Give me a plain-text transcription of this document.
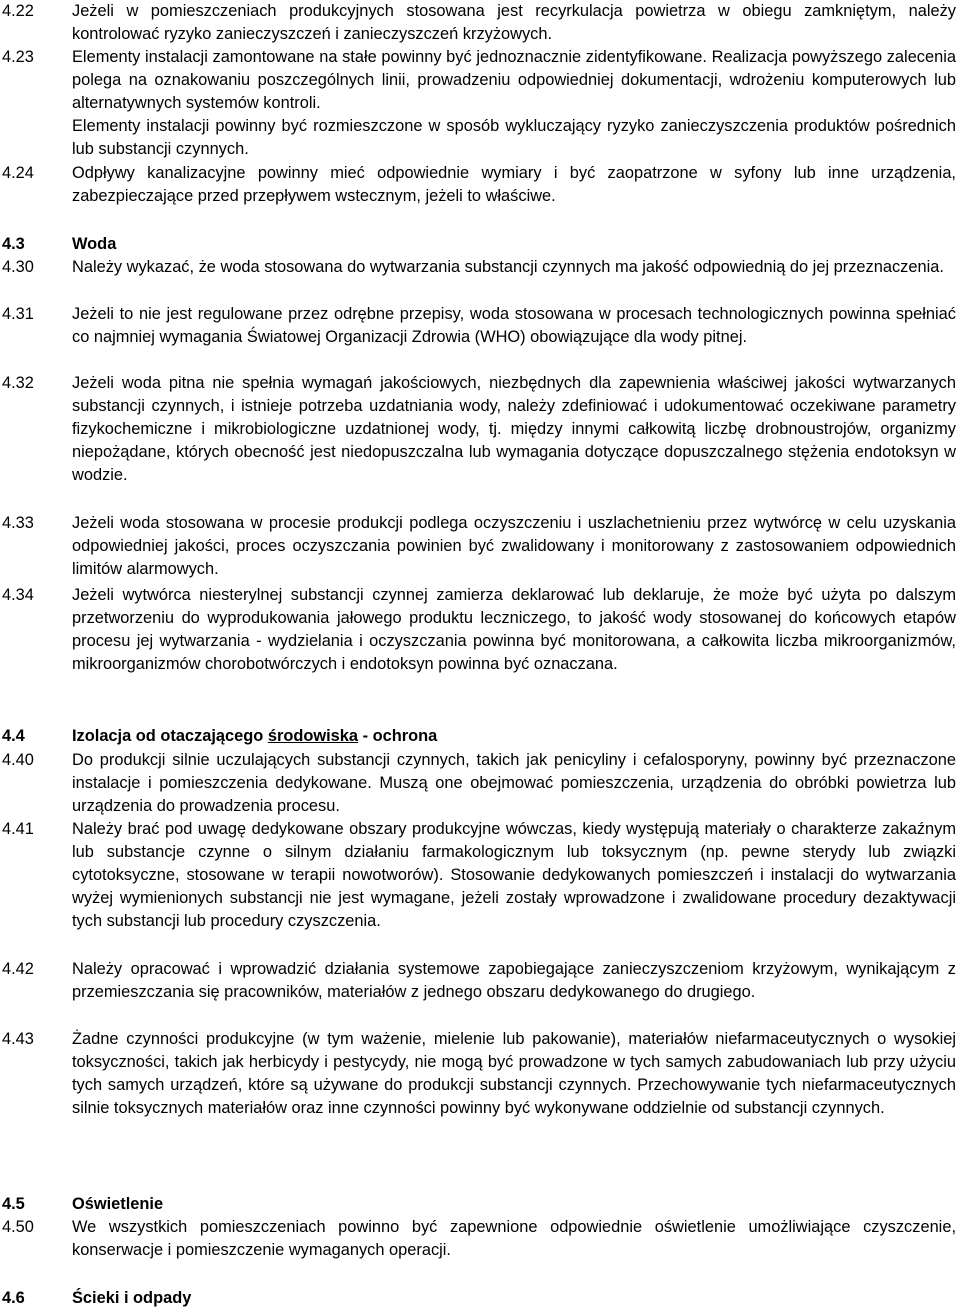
4.22	Jeżeli w pomieszczeniach produkcyjnych stosowana jest recyrkulacja powietrza w obiegu zamkniętym, należy kontrolować ryzyko zanieczyszczeń i zanieczyszczeń krzyżowych.

4.23	Elementy instalacji zamontowane na stałe powinny być jednoznacznie zidentyfikowane. Realizacja powyższego zalecenia polega na oznakowaniu poszczególnych linii, prowadzeniu odpowiedniej dokumentacji, wdrożeniu komputerowych lub alternatywnych systemów kontroli.

Elementy instalacji powinny być rozmieszczone w sposób wykluczający ryzyko zanieczyszczenia produktów pośrednich lub substancji czynnych.

4.24	Odpływy kanalizacyjne powinny mieć odpowiednie wymiary i być zaopatrzone w syfony lub inne urządzenia, zabezpieczające przed przepływem wstecznym, jeżeli to właściwe.

4.3	Woda
4.30	Należy wykazać, że woda stosowana do wytwarzania substancji czynnych ma jakość odpowiednią do jej przeznaczenia.

4.31	Jeżeli to nie jest regulowane przez odrębne przepisy, woda stosowana w procesach technologicznych powinna spełniać co najmniej wymagania Światowej Organizacji Zdrowia (WHO) obowiązujące dla wody pitnej.

4.32	Jeżeli woda pitna nie spełnia wymagań jakościowych, niezbędnych dla zapewnienia właściwej jakości wytwarzanych substancji czynnych, i istnieje potrzeba uzdatniania wody, należy zdefiniować i udokumentować oczekiwane parametry fizykochemiczne i mikrobiologiczne uzdatnionej wody, tj. między innymi całkowitą liczbę drobnoustrojów, organizmy niepożądane, których obecność jest niedopuszczalna lub wymagania dotyczące dopuszczalnego stężenia endotoksyn w wodzie.

4.33	Jeżeli woda stosowana w procesie produkcji podlega oczyszczeniu i uszlachetnieniu przez wytwórcę w celu uzyskania odpowiedniej jakości, proces oczyszczania powinien być zwalidowany i monitorowany z zastosowaniem odpowiednich limitów alarmowych.

4.34	Jeżeli wytwórca niesterylnej substancji czynnej zamierza deklarować lub deklaruje, że może być użyta po dalszym przetworzeniu do wyprodukowania jałowego produktu leczniczego, to jakość wody stosowanej do końcowych etapów procesu jej wytwarzania - wydzielania i oczyszczania powinna być monitorowana, a całkowita liczba mikroorganizmów, mikroorganizmów chorobotwórczych i endotoksyn powinna być oznaczana.

4.4	Izolacja od otaczającego środowiska - ochrona
4.40	Do produkcji silnie uczulających substancji czynnych, takich jak penicyliny i cefalosporyny, powinny być przeznaczone instalacje i pomieszczenia dedykowane. Muszą one obejmować pomieszczenia, urządzenia do obróbki powietrza lub urządzenia do prowadzenia procesu.

4.41	Należy brać pod uwagę dedykowane obszary produkcyjne wówczas, kiedy występują materiały o charakterze zakaźnym lub substancje czynne o silnym działaniu farmakologicznym lub toksycznym (np. pewne sterydy lub związki cytotoksyczne, stosowane w terapii nowotworów). Stosowanie dedykowanych pomieszczeń i instalacji do wytwarzania wyżej wymienionych substancji nie jest wymagane, jeżeli zostały wprowadzone i zwalidowane procedury dezaktywacji tych substancji lub procedury czyszczenia.

4.42	Należy opracować i wprowadzić działania systemowe zapobiegające zanieczyszczeniom krzyżowym, wynikającym z przemieszczania się pracowników, materiałów z jednego obszaru dedykowanego do drugiego.

4.43	Żadne czynności produkcyjne (w tym ważenie, mielenie lub pakowanie), materiałów niefarmaceutycznych o wysokiej toksyczności, takich jak herbicydy i pestycydy, nie mogą być prowadzone w tych samych zabudowaniach lub przy użyciu tych samych urządzeń, które są używane do produkcji substancji czynnych. Przechowywanie tych niefarmaceutycznych silnie toksycznych materiałów oraz inne czynności powinny być wykonywane oddzielnie od substancji czynnych.

4.5	Oświetlenie
4.50	We wszystkich pomieszczeniach powinno być zapewnione odpowiednie oświetlenie umożliwiające czyszczenie, konserwacje i pomieszczenie wymaganych operacji.

4.6	Ścieki i odpady
